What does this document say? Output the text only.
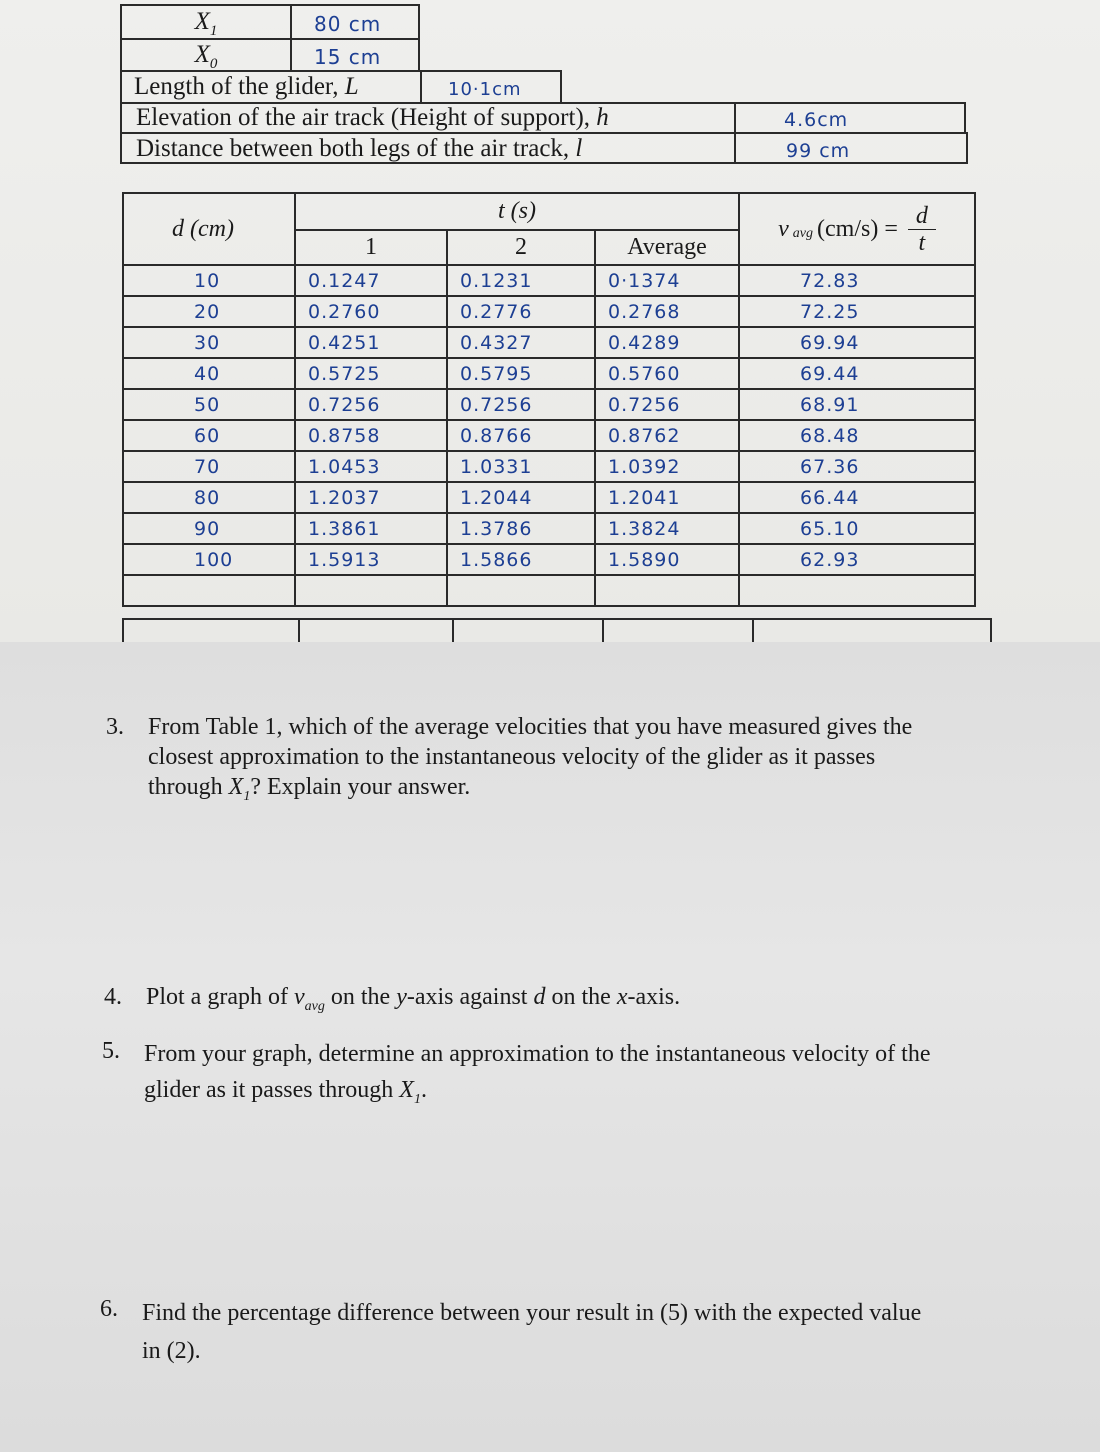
$X_1$	80 cm
$X_0$	15 cm
Length of the glider, L	10·1cm
Elevation of the air track (Height of support), h	4.6cm
Distance between both legs of the air track, l	99 cm
d (cm)	t (s)			v $_{avg}$ $(cm/s) = \frac{d}{t}$

	1	2	Average	
10	0.1247	0.1231	0·1374	72.83
20	0.2760	0.2776	0.2768	72.25
30	0.4251	0.4327	0.4289	69.94
40	0.5725	0.5795	0.5760	69.44
50	0.7256	0.7256	0.7256	68.91
60	0.8758	0.8766	0.8762	68.48
70	1.0453	1.0331	1.0392	67.36
80	1.2037	1.2044	1.2041	66.44
90	1.3861	1.3786	1.3824	65.10
100	1.5913	1.5866	1.5890	62.93

3. From Table 1, which of the average velocities that you have measured gives the
closest approximation to the instantaneous velocity of the glider as it passes
through $X_1$? Explain your answer.
4. Plot a graph of $v_{avg}$ on the y-axis against d on the x-axis.
5. From your graph, determine an approximation to the instantaneous velocity of the
glider as it passes through $X_1$.
6. Find the percentage difference between your result in (5) with the expected value
in (2).
